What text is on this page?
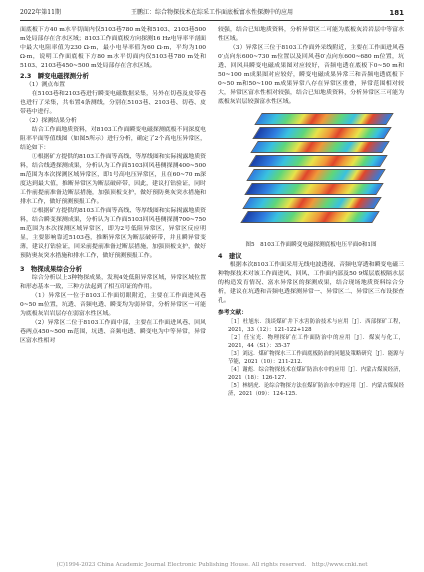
2022年第11期	王鹏江：综合物探技术在综采工作面底板富水性探测中的应用	181

面底板下方40 m水平切面内仅5103巷780 m处和5103、2103巷500 m处局部存在含水区域；8103工作面底板方向探测16 Hz电导率平剖面中最大电阻率值为230 Ω·m，最小电导率值为60 Ω·m，平均为100 Ω·m，说明工作面底板下方80 m水平切面内仅5103巷780 m处和5103、2103巷450~500 m处局部存在含水区域。

2.3　瞬变电磁探测分析

（1）测点布置

在5103巷和2103巷进行瞬变电磁数据采集，另外在切巷及皮带巷也进行了采集，共布置4条测线，分别在5103巷、2103巷、切巷、皮带巷中进行。

（2）探测结果分析

结合工作面地质资料，对8103工作面瞬变电磁探测底板不同深度电阻率平面等值线图（如图5所示）进行分析，确定了2个高电压异常区，结论如下：

①根据矿方提供的8103工作面等高线、等厚线图和实际揭露地质资料，结合线透探测成果，分析认为工作面5103回风巷侧探测400~500 m范围为本次探测区域异常区，即1号高电压异常区，且在60~70 m深度达到最大值，推断异常区为断层破碎带，因此，建议打钻验证，同时工作前提前准备边断层措施，加强顶板支护，做好预防奥灰突水措施和排水工作，做好预测预报工作。

②根据矿方提供的8103工作面等高线、等厚线图和实际揭露地质资料，结合瞬变探测成果，分析认为工作面5103回风巷侧探测700~750 m范围为本次探测区域异常区，即为2号低阻异常区，异常区反应明显，主要影响靠近5103巷，推断异常区为断层破碎带，并且瞬异常变薄，建议打钻验证，回采前提前准备过断层措施，加强顶板支护，做好预防奥灰突水措施和排水工作，做好预测预报工作。

3　物探成果综合分析

综合分析以上3种物探成果，发现4处低阻异常区域，异常区域位置和形态基本一致，三种方法起到了相互印证的作用。

（1）异常区一位于8103工作面切眼附近，主要在工作面进风巷0~50 m位置，坑透、音频电透、瞬变均为弱异常，分析异常区一可能为底板灰岩岩层存在弱富水性区域。

（2）异常区二位于8103工作面中部，主要在工作面进风巷、回风巷两点450~500 m范围，坑透、音频电透、瞬变电为中等异常，异常区富水性相对

较强，结合已知地质资料，分析异常区二可能为底板灰岩岩层中等富水性区域。

（3）异常区三位于8103工作面外采线附近，主要在工作面进风巷0′点向东600~730 m位置以及回风巷0′点向东600~680 m位置，坑透、回风具瞬变电磁成果图对应较好，音频电透在底板下0~50 m和50~100 m成果图对应较好，瞬变电磁成果异常三和音频电透底板下0~50 m和50~100 m成果异常八存在异常区重叠，异常范围相对较大，异常区富水性相对较强，结合已知地质资料，分析异常区三可能为底板灰岩层较强富水性区域。

图5　8103工作面瞬变电磁探测底板电压平面0和1图
4　建议

根据本次8103工作面采用无线电波透视、音频电穿透和瞬变电磁三种物探技术对该工作面进风、回风、工作面内部及50 9煤层底板隔水层的构造发育情况、富水异常区的探测成果，结合现场地质资料综合分析，建议在坑透和音频电透探测异常一、异常区二、异常区三布设探查孔。

参考文献：

［1］杜旭东．浅谈煤矿井下水害防治技术与应用［J］．西部探矿工程，2021，33（12）：121-122+128

［2］任宝光．物理探矿在工作面防治中的应用［J］．煤炭与化工，2021，44（S1）：35-37

［3］刘远．煤矿物探水三工作面底板防治的问题及策略研究［J］．能源与节能，2021（10）：211-212.

［4］谢彪．综合物探技术在煤矿防治水中的应用［J］．内蒙古煤炭经济，2021（18）：126-127.

［5］林炳虎．论综合物探方法在煤矿防治水中的应用［J］．内蒙古煤炭经济，2021（09）：124-125.

(C)1994-2023 China Academic Journal Electronic Publishing House. All rights reserved.　http://www.cnki.net
